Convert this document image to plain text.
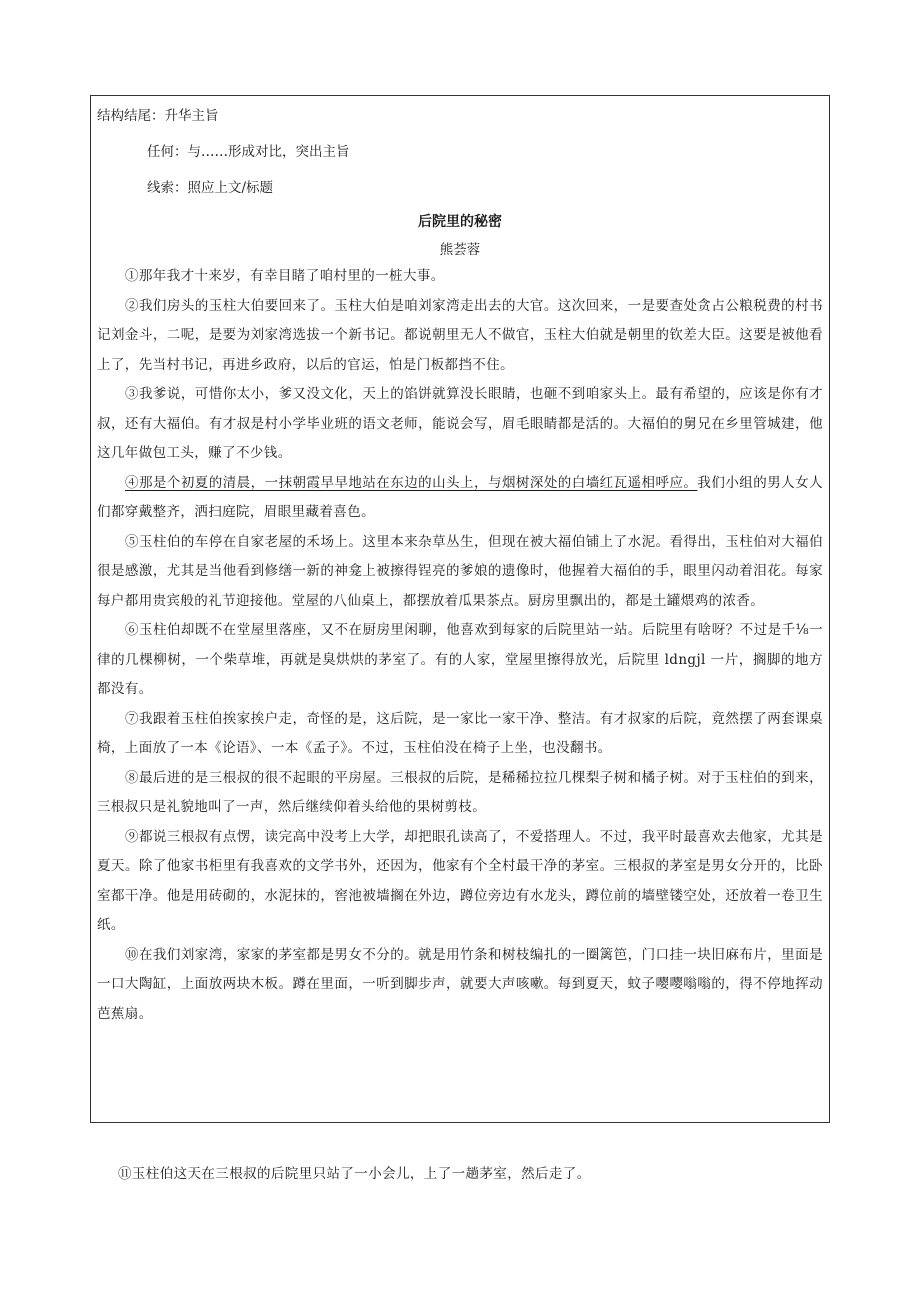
结构结尾：升华主旨

任何：与……形成对比，突出主旨

线索：照应上文/标题

后院里的秘密
熊荟蓉

①那年我才十来岁，有幸目睹了咱村里的一桩大事。

②我们房头的玉柱大伯要回来了。玉柱大伯是咱刘家湾走出去的大官。这次回来，一是要查处贪占公粮税费的村书记刘金斗，二呢，是要为刘家湾选拔一个新书记。都说朝里无人不做官，玉柱大伯就是朝里的钦差大臣。这要是被他看上了，先当村书记，再进乡政府，以后的官运，怕是门板都挡不住。

③我爹说，可惜你太小，爹又没文化，天上的馅饼就算没长眼睛，也砸不到咱家头上。最有希望的，应该是你有才叔，还有大福伯。有才叔是村小学毕业班的语文老师，能说会写，眉毛眼睛都是活的。大福伯的舅兄在乡里管城建，他这几年做包工头，赚了不少钱。

④那是个初夏的清晨，一抹朝霞早早地站在东边的山头上，与烟树深处的白墙红瓦遥相呼应。我们小组的男人女人们都穿戴整齐，洒扫庭院，眉眼里藏着喜色。

⑤玉柱伯的车停在自家老屋的禾场上。这里本来杂草丛生，但现在被大福伯铺上了水泥。看得出，玉柱伯对大福伯很是感激，尤其是当他看到修缮一新的神龛上被擦得锃亮的爹娘的遗像时，他握着大福伯的手，眼里闪动着泪花。每家每户都用贵宾般的礼节迎接他。堂屋的八仙桌上，都摆放着瓜果茶点。厨房里飘出的，都是土罐煨鸡的浓香。

⑥玉柱伯却既不在堂屋里落座，又不在厨房里闲聊，他喜欢到每家的后院里站一站。后院里有啥呀？不过是千⅛一律的几棵柳树，一个柴草堆，再就是臭烘烘的茅室了。有的人家，堂屋里擦得放光，后院里 ldngjl 一片，搁脚的地方都没有。

⑦我跟着玉柱伯挨家挨户走，奇怪的是，这后院，是一家比一家干净、整洁。有才叔家的后院，竟然摆了两套课桌椅，上面放了一本《论语》、一本《孟子》。不过，玉柱伯没在椅子上坐，也没翻书。

⑧最后进的是三根叔的很不起眼的平房屋。三根叔的后院，是稀稀拉拉几棵梨子树和橘子树。对于玉柱伯的到来，三根叔只是礼貌地叫了一声，然后继续仰着头给他的果树剪枝。

⑨都说三根叔有点愣，读完高中没考上大学，却把眼孔读高了，不爱搭理人。不过，我平时最喜欢去他家，尤其是夏天。除了他家书柜里有我喜欢的文学书外，还因为，他家有个全村最干净的茅室。三根叔的茅室是男女分开的，比卧室都干净。他是用砖砌的，水泥抹的，窖池被墙搁在外边，蹲位旁边有水龙头，蹲位前的墙壁镂空处，还放着一卷卫生纸。

⑩在我们刘家湾，家家的茅室都是男女不分的。就是用竹条和树枝编扎的一圈篱笆，门口挂一块旧麻布片，里面是一口大陶缸，上面放两块木板。蹲在里面，一听到脚步声，就要大声咳嗽。每到夏天，蚊子嘤嘤嗡嗡的，得不停地挥动芭蕉扇。

⑪玉柱伯这天在三根叔的后院里只站了一小会儿，上了一趟茅室，然后走了。
